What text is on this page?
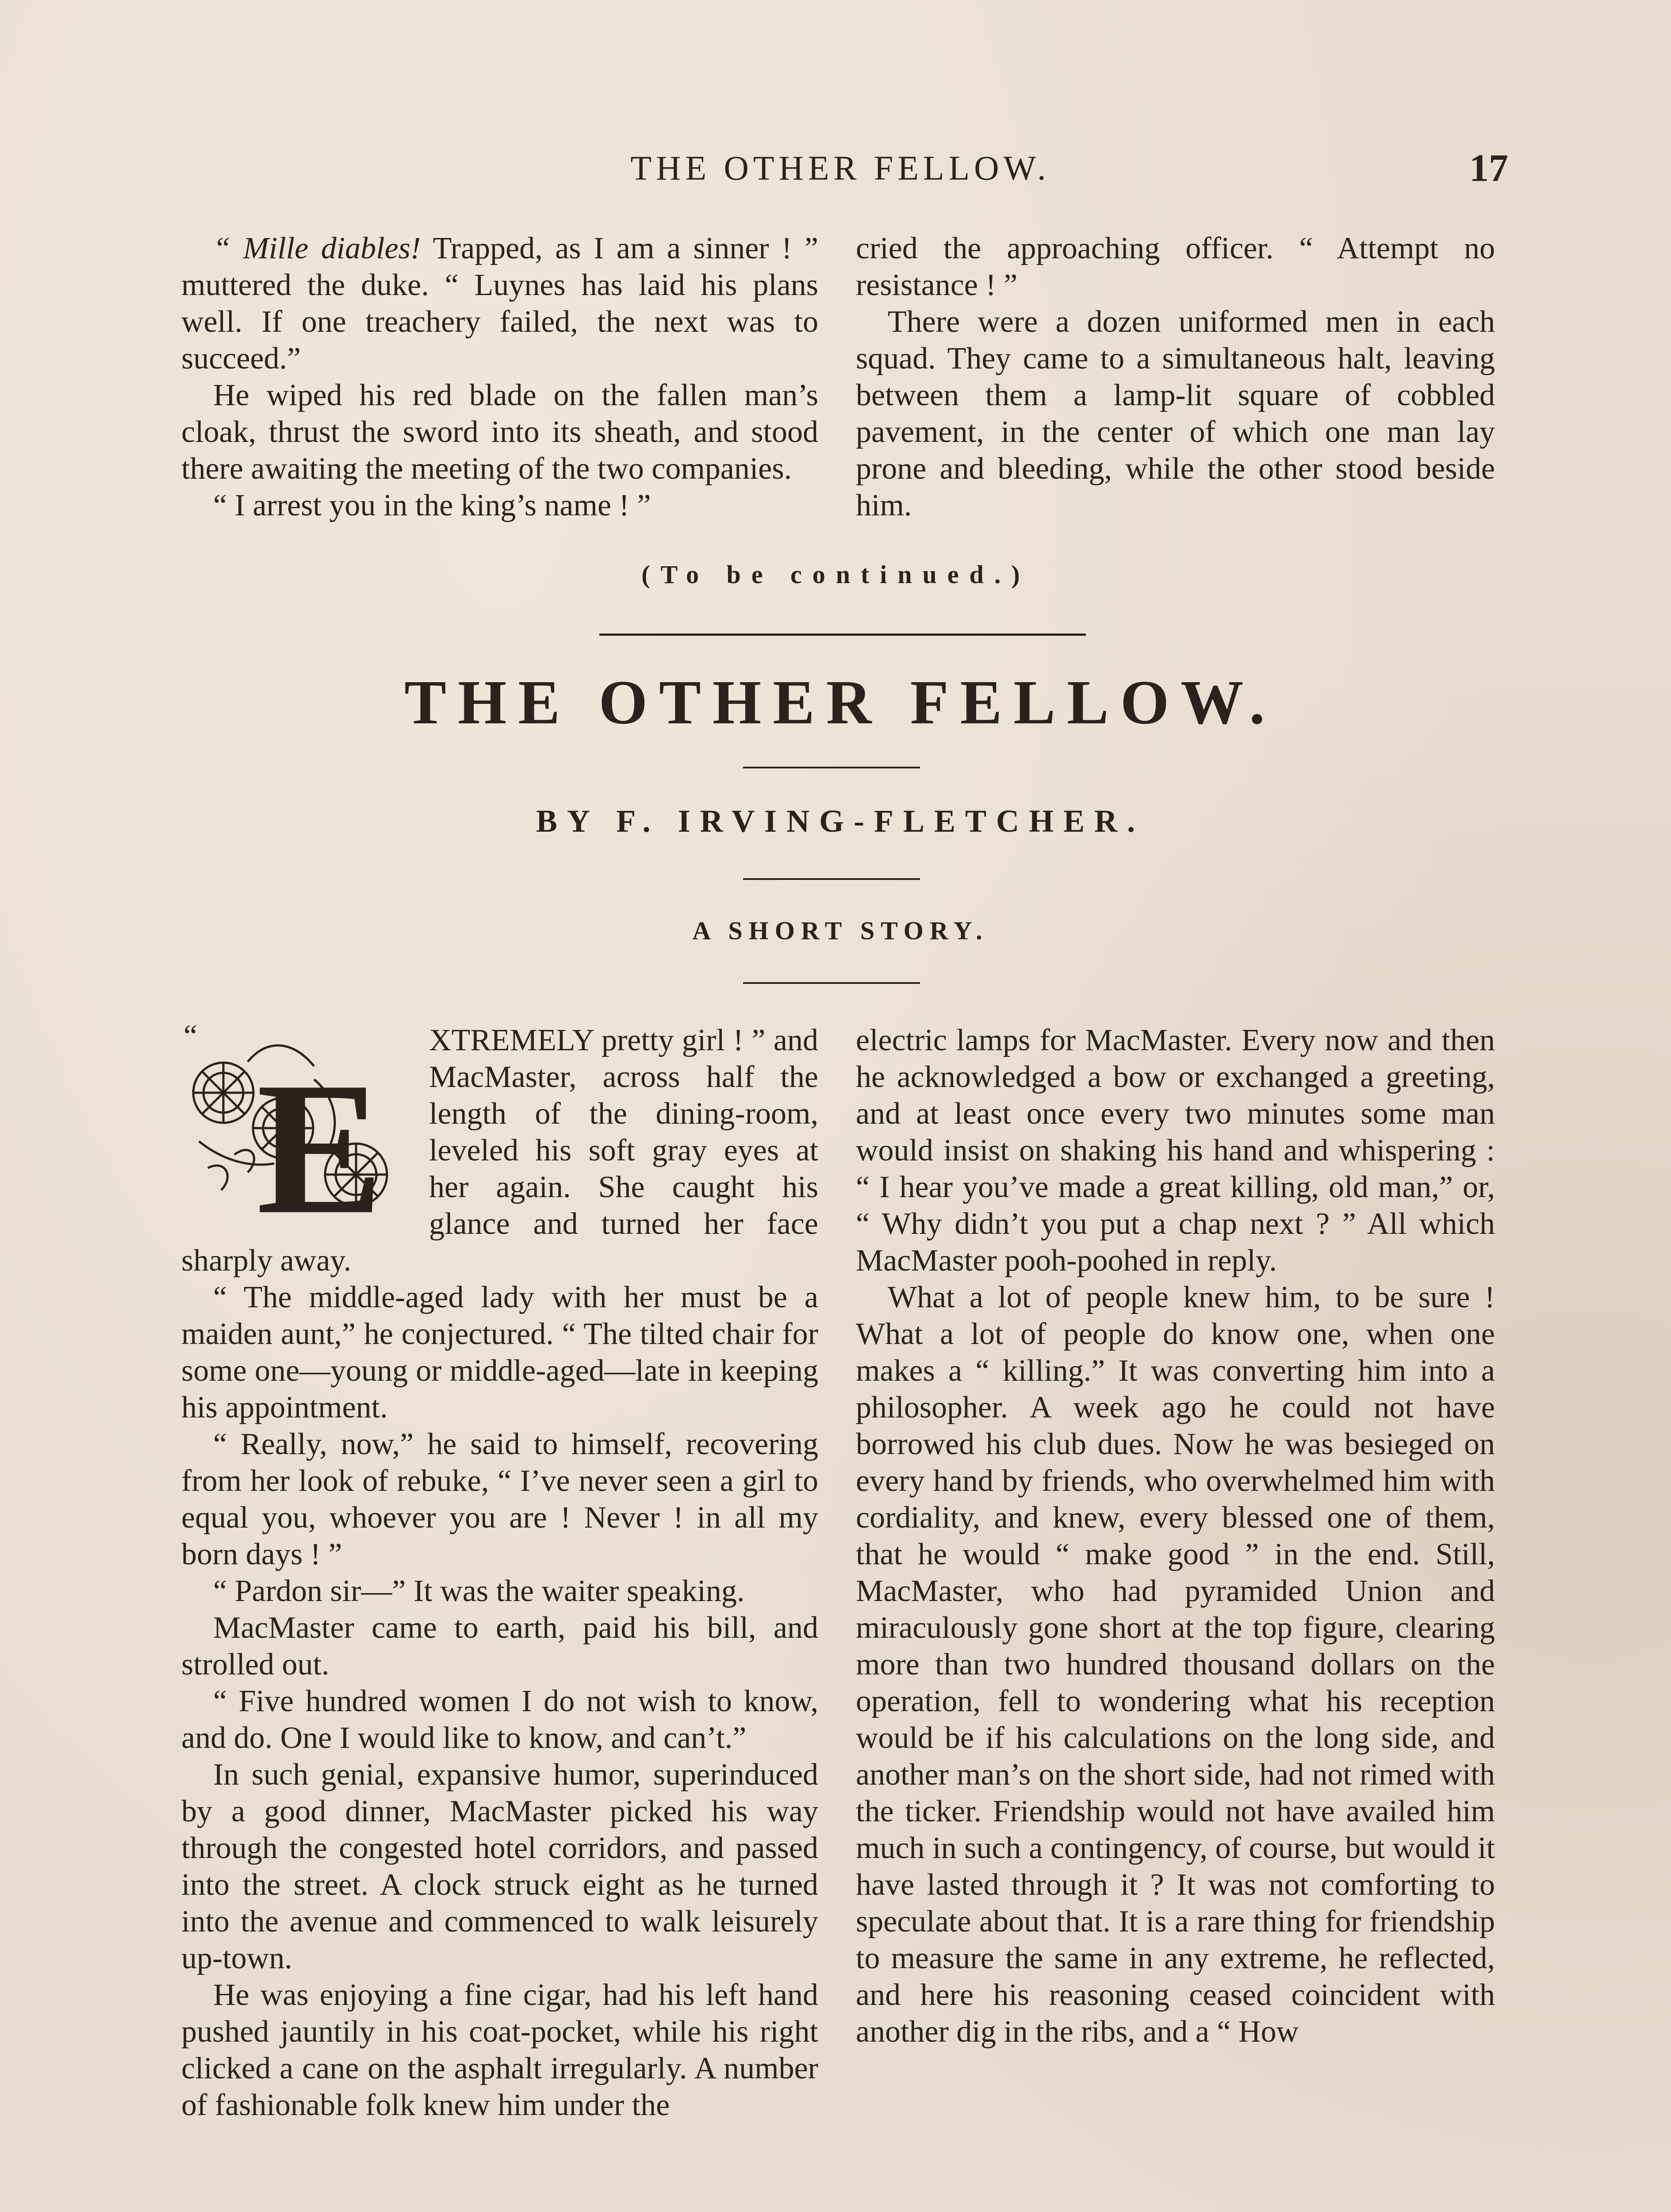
THE OTHER FELLOW.	17

“ Mille diables! Trapped, as I am a sinner ! ” muttered the duke. “ Luynes has laid his plans well. If one treachery failed, the next was to succeed.”

He wiped his red blade on the fallen man’s cloak, thrust the sword into its sheath, and stood there awaiting the meeting of the two companies.

“ I arrest you in the king’s name ! ”

cried the approaching officer. “ Attempt no resistance ! ”

There were a dozen uniformed men in each squad. They came to a simultaneous halt, leaving between them a lamp-lit square of cobbled pavement, in the center of which one man lay prone and bleeding, while the other stood beside him.

(To be continued.)
THE OTHER FELLOW.
BY F. IRVING-FLETCHER.
A SHORT STORY.

E
“	XTREMELY pretty girl ! ” and MacMaster, across half the length of the dining-room, leveled his soft gray eyes at her again. She caught his glance and turned her face sharply away.

“ The middle-aged lady with her must be a maiden aunt,” he conjectured. “ The tilted chair for some one—young or middle-aged—late in keeping his appointment.

“ Really, now,” he said to himself, recovering from her look of rebuke, “ I’ve never seen a girl to equal you, whoever you are ! Never ! in all my born days ! ”

“ Pardon sir—” It was the waiter speaking.

MacMaster came to earth, paid his bill, and strolled out.

“ Five hundred women I do not wish to know, and do. One I would like to know, and can’t.”

In such genial, expansive humor, superinduced by a good dinner, MacMaster picked his way through the congested hotel corridors, and passed into the street. A clock struck eight as he turned into the avenue and commenced to walk leisurely up-town.

He was enjoying a fine cigar, had his left hand pushed jauntily in his coat-pocket, while his right clicked a cane on the asphalt irregularly. A number of fashionable folk knew him under the

electric lamps for MacMaster. Every now and then he acknowledged a bow or exchanged a greeting, and at least once every two minutes some man would insist on shaking his hand and whispering : “ I hear you’ve made a great killing, old man,” or, “ Why didn’t you put a chap next ? ” All which MacMaster pooh-poohed in reply.

What a lot of people knew him, to be sure ! What a lot of people do know one, when one makes a “ killing.” It was converting him into a philosopher. A week ago he could not have borrowed his club dues. Now he was besieged on every hand by friends, who overwhelmed him with cordiality, and knew, every blessed one of them, that he would “ make good ” in the end. Still, MacMaster, who had pyramided Union and miraculously gone short at the top figure, clearing more than two hundred thousand dollars on the operation, fell to wondering what his reception would be if his calculations on the long side, and another man’s on the short side, had not rimed with the ticker. Friendship would not have availed him much in such a contingency, of course, but would it have lasted through it ? It was not comforting to speculate about that. It is a rare thing for friendship to measure the same in any extreme, he reflected, and here his reasoning ceased coincident with another dig in the ribs, and a “ How
